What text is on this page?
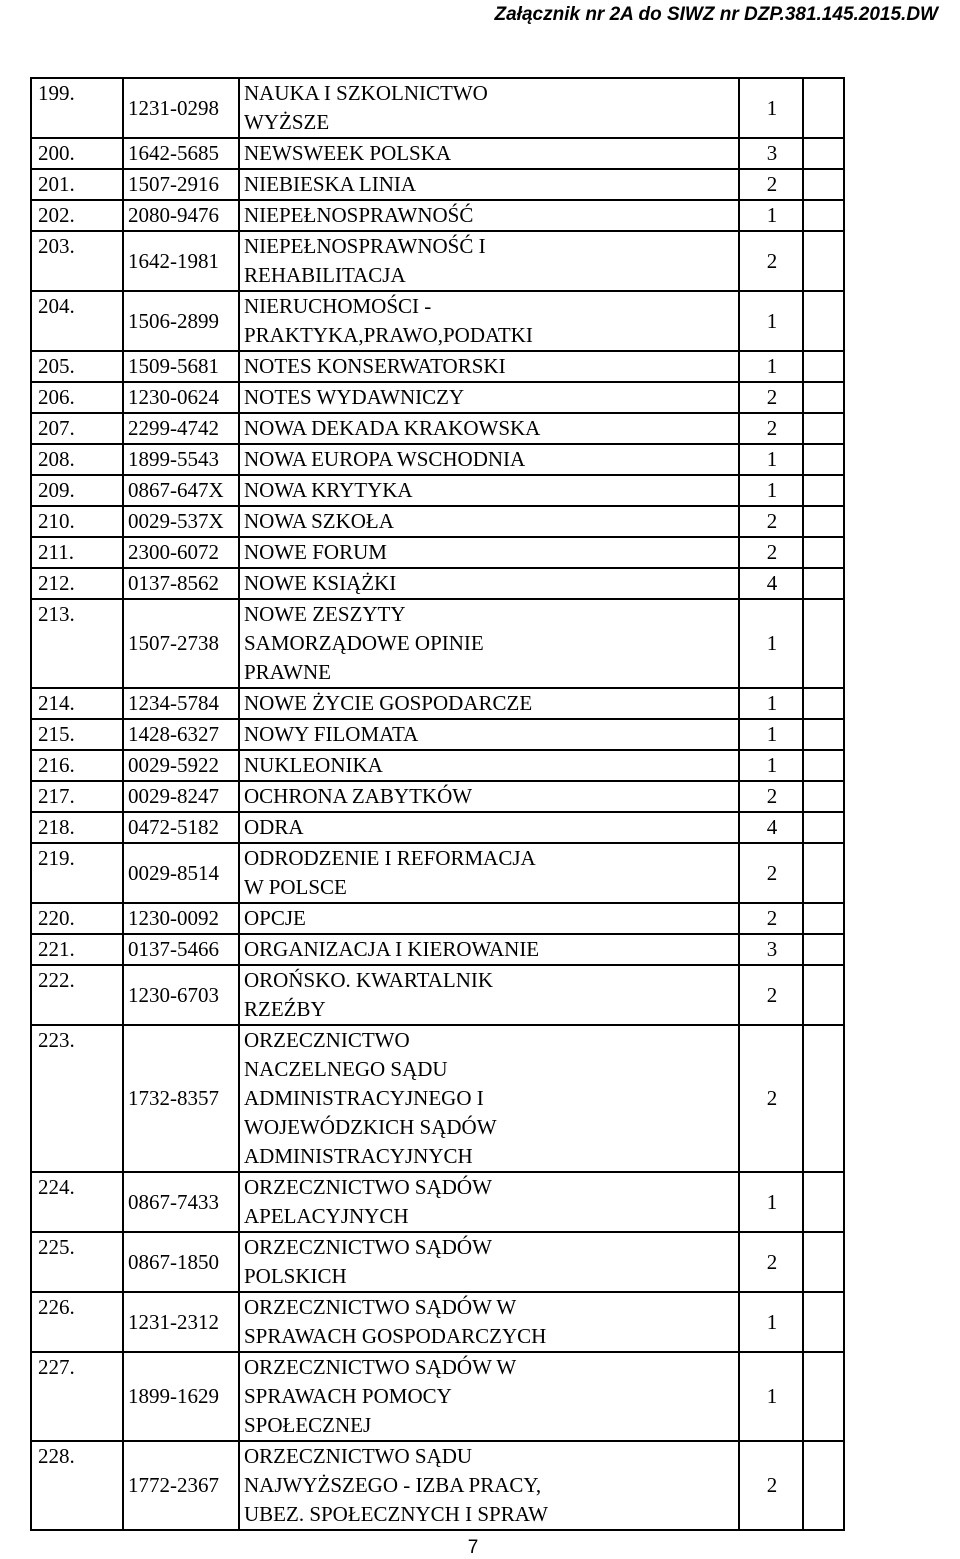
Załącznik nr 2A do SIWZ nr DZP.381.145.2015.DW
199.	1231-0298	NAUKA I SZKOLNICTWO
WYŻSZE	1	
200.	1642-5685	NEWSWEEK POLSKA	3	
201.	1507-2916	NIEBIESKA LINIA	2	
202.	2080-9476	NIEPEŁNOSPRAWNOŚĆ	1	
203.	1642-1981	NIEPEŁNOSPRAWNOŚĆ I
REHABILITACJA	2	
204.	1506-2899	NIERUCHOMOŚCI -
PRAKTYKA,PRAWO,PODATKI	1	
205.	1509-5681	NOTES KONSERWATORSKI	1	
206.	1230-0624	NOTES WYDAWNICZY	2	
207.	2299-4742	NOWA DEKADA KRAKOWSKA	2	
208.	1899-5543	NOWA EUROPA WSCHODNIA	1	
209.	0867-647X	NOWA KRYTYKA	1	
210.	0029-537X	NOWA SZKOŁA	2	
211.	2300-6072	NOWE FORUM	2	
212.	0137-8562	NOWE KSIĄŻKI	4	
213.	1507-2738	NOWE ZESZYTY
SAMORZĄDOWE OPINIE
PRAWNE	1	
214.	1234-5784	NOWE ŻYCIE GOSPODARCZE	1	
215.	1428-6327	NOWY FILOMATA	1	
216.	0029-5922	NUKLEONIKA	1	
217.	0029-8247	OCHRONA ZABYTKÓW	2	
218.	0472-5182	ODRA	4	
219.	0029-8514	ODRODZENIE I REFORMACJA
W POLSCE	2	
220.	1230-0092	OPCJE	2	
221.	0137-5466	ORGANIZACJA I KIEROWANIE	3	
222.	1230-6703	OROŃSKO. KWARTALNIK
RZEŹBY	2	
223.	1732-8357	ORZECZNICTWO
NACZELNEGO SĄDU
ADMINISTRACYJNEGO I
WOJEWÓDZKICH SĄDÓW
ADMINISTRACYJNYCH	2	
224.	0867-7433	ORZECZNICTWO SĄDÓW
APELACYJNYCH	1	
225.	0867-1850	ORZECZNICTWO SĄDÓW
POLSKICH	2	
226.	1231-2312	ORZECZNICTWO SĄDÓW W
SPRAWACH GOSPODARCZYCH	1	
227.	1899-1629	ORZECZNICTWO SĄDÓW W
SPRAWACH POMOCY
SPOŁECZNEJ	1	
228.	1772-2367	ORZECZNICTWO SĄDU
NAJWYŻSZEGO - IZBA PRACY,
UBEZ. SPOŁECZNYCH I SPRAW	2	
7
